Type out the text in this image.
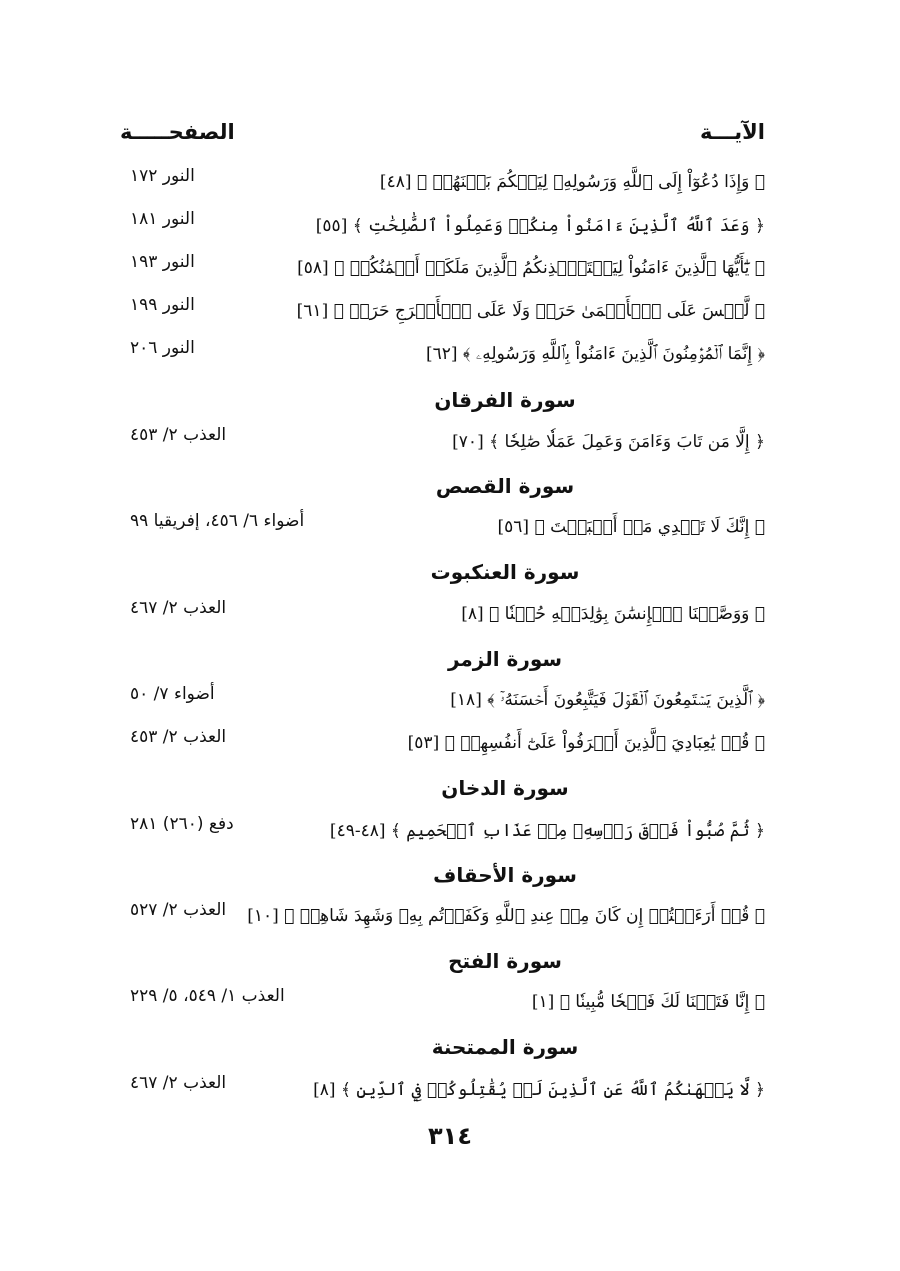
الآيـــة
الصفحـــــة
﴿ وَإِذَا دُعُوٓاْ إِلَى ٱللَّهِ وَرَسُولِهِۦ لِيَحۡكُمَ بَيۡنَهُمۡ ﴾ [٤٨]
النور ١٧٢
﴿ وَعَدَ ٱللَّهُ ٱلَّذِينَ ءَامَنُواْ مِنكُمۡ وَعَمِلُواْ ٱلصَّٰلِحَٰتِ ﴾ [٥٥]
النور ١٨١
﴿ يَٰٓأَيُّهَا ٱلَّذِينَ ءَامَنُواْ لِيَسۡتَـٔۡذِنكُمُ ٱلَّذِينَ مَلَكَتۡ أَيۡمَٰنُكُمۡ ﴾ [٥٨]
النور ١٩٣
﴿ لَّيۡسَ عَلَى ٱلۡأَعۡمَىٰ حَرَجٞ وَلَا عَلَى ٱلۡأَعۡرَجِ حَرَجٞ ﴾ [٦١]
النور ١٩٩
﴿ إِنَّمَا ٱلۡمُؤۡمِنُونَ ٱلَّذِينَ ءَامَنُواْ بِٱللَّهِ وَرَسُولِهِۦ ﴾ [٦٢]
النور ٢٠٦
سورة الفرقان
﴿ إِلَّا مَن تَابَ وَءَامَنَ وَعَمِلَ عَمَلٗا صَٰلِحٗا ﴾ [٧٠]
العذب ٢/ ٤٥٣
سورة القصص
﴿ إِنَّكَ لَا تَهۡدِي مَنۡ أَحۡبَبۡتَ ﴾ [٥٦]
أضواء ٦/ ٤٥٦، إفريقيا ٩٩
سورة العنكبوت
﴿ وَوَصَّيۡنَا ٱلۡإِنسَٰنَ بِوَٰلِدَيۡهِ حُسۡنٗا ﴾ [٨]
العذب ٢/ ٤٦٧
سورة الزمر
﴿ ٱلَّذِينَ يَسۡتَمِعُونَ ٱلۡقَوۡلَ فَيَتَّبِعُونَ أَحۡسَنَهُۥٓ ﴾ [١٨]
أضواء ٧/ ٥٠
﴿ قُلۡ يَٰعِبَادِيَ ٱلَّذِينَ أَسۡرَفُواْ عَلَىٰٓ أَنفُسِهِمۡ ﴾ [٥٣]
العذب ٢/ ٤٥٣
سورة الدخان
﴿ ثُمَّ صُبُّواْ فَوۡقَ رَأۡسِهِۦ مِنۡ عَذَابِ ٱلۡحَمِيمِ ﴾ [٤٨-٤٩]
دفع (٢٦٠) ٢٨١
سورة الأحقاف
﴿ قُلۡ أَرَءَيۡتُمۡ إِن كَانَ مِنۡ عِندِ ٱللَّهِ وَكَفَرۡتُم بِهِۦ وَشَهِدَ شَاهِدٞ ﴾ [١٠]
العذب ٢/ ٥٢٧
سورة الفتح
﴿ إِنَّا فَتَحۡنَا لَكَ فَتۡحٗا مُّبِينٗا ﴾ [١]
العذب ١/ ٥٤٩، ٥/ ٢٢٩
سورة الممتحنة
﴿ لَّا يَنۡهَىٰكُمُ ٱللَّهُ عَنِ ٱلَّذِينَ لَمۡ يُقَٰتِلُوكُمۡ فِي ٱلدِّينِ ﴾ [٨]
العذب ٢/ ٤٦٧
٣١٤
